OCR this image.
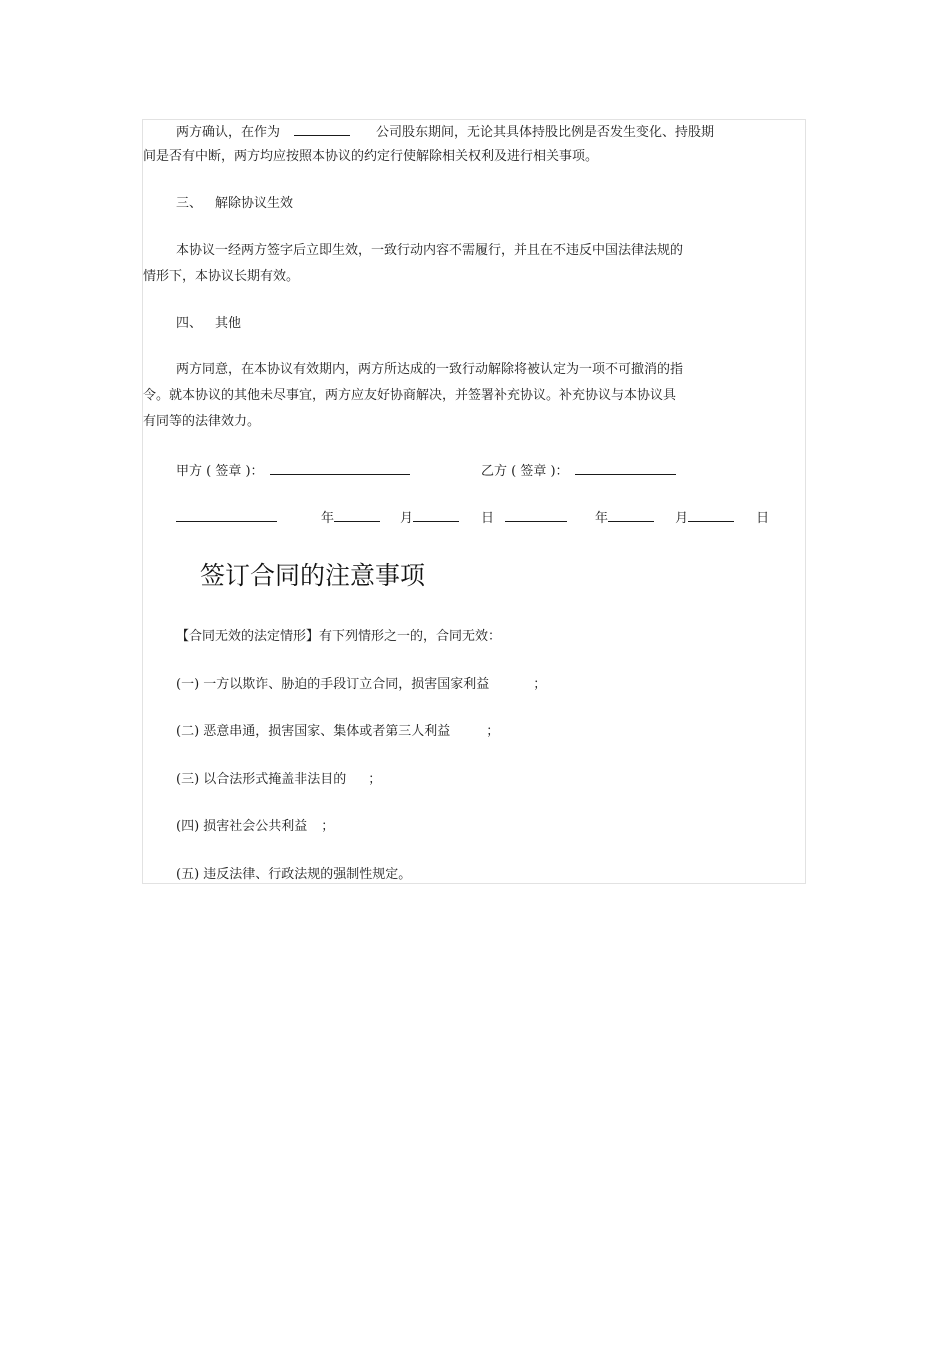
两方确认，在作为	公司股东期间，无论其具体持股比例是否发生变化、持股期
间是否有中断，两方均应按照本协议的约定行使解除相关权利及进行相关事项。
三、 解除协议生效
本协议一经两方签字后立即生效，一致行动内容不需履行，并且在不违反中国法律法规的
情形下，本协议长期有效。
四、 其他
两方同意，在本协议有效期内，两方所达成的一致行动解除将被认定为一项不可撤消的指
令。就本协议的其他未尽事宜，两方应友好协商解决，并签署补充协议。补充协议与本协议具
有同等的法律效力。
甲方 ( 签章 )：	乙方 ( 签章 )：
年	月	日	年	月	日
签订合同的注意事项
【合同无效的法定情形】有下列情形之一的，合同无效：
(一) 一方以欺诈、胁迫的手段订立合同，损害国家利益	；
(二) 恶意串通，损害国家、集体或者第三人利益	；
(三) 以合法形式掩盖非法目的 ；
(四) 损害社会公共利益 ；
(五) 违反法律、行政法规的强制性规定。
